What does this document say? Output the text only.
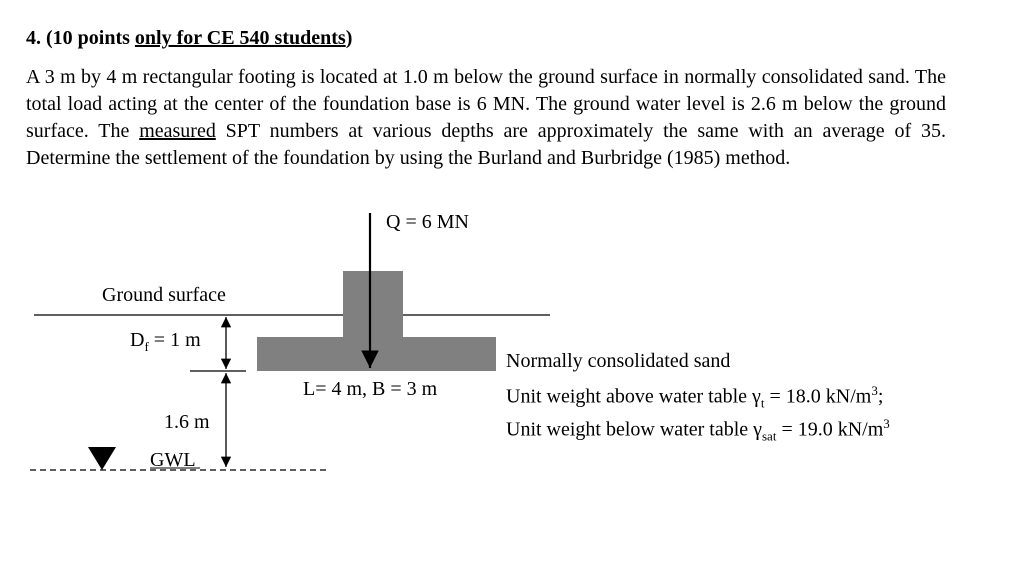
4. (10 points only for CE 540 students)

A 3 m by 4 m rectangular footing is located at 1.0 m below the ground surface in normally consolidated sand. The total load acting at the center of the foundation base is 6 MN. The ground water level is 2.6 m below the ground surface. The measured SPT numbers at various depths are approximately the same with an average of 35. Determine the settlement of the foundation by using the Burland and Burbridge (1985) method.

Q = 6 MN
Ground surface
$D_f = 1$ m
1.6 m
GWL
L= 4 m, B = 3 m
Normally consolidated sand
Unit weight above water table $\gamma_t = 18.0$ $kN/m^3$;
Unit weight below water table $\gamma_{sat} = 19.0$ $kN/m^3$
